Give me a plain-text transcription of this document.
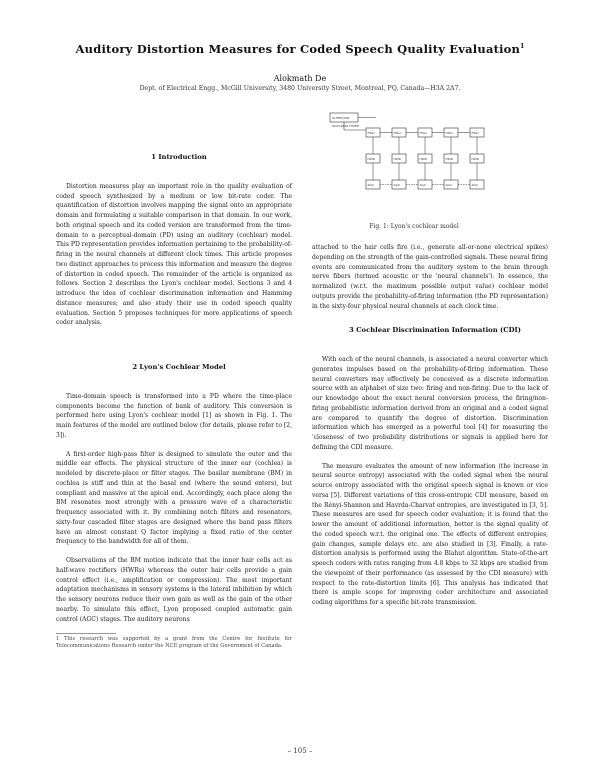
Auditory Distortion Measures for Coded Speech Quality Evaluation$^1$
Alokmath De
Dept. of Electrical Engg., McGill University, 3480 University Street, Montreal, PQ, Canada—H3A 2A7.

1 Introduction

Distortion measures play an important role in the quality evaluation of coded speech synthesized by a medium or low bit-rate coder. The quantification of distortion involves mapping the signal onto an appropriate domain and formulating a suitable comparison in that domain. In our work, both original speech and its coded version are transformed from the time-domain to a perceptual-domain (PD) using an auditory (cochlear) model. This PD representation provides information pertaining to the probability-of-firing in the neural channels at different clock times. This article proposes two distinct approaches to process this information and measure the degree of distortion in coded speech. The remainder of the article is organized as follows. Section 2 describes the Lyon's cochlear model. Sections 3 and 4 introduce the idea of cochlear discrimination information and Hamming distance measures; and also study their use in coded speech quality evaluation. Section 5 proposes techniques for more applications of speech coder analysis.

2 Lyon's Cochlear Model

Time-domain speech is transformed into a PD where the time-place components become the function of bank of auditory. This conversion is performed here using Lyon's cochlear model [1] as shown in Fig. 1. The main features of the model are outlined below (for details, please refer to [2, 3]).

A first-order high-pass filter is designed to simulate the outer and the middle ear effects. The physical structure of the inner ear (cochlea) is modeled by discrete-place or filter stages. The basilar membrane (BM) in cochlea is stiff and thin at the basal end (where the sound enters), but compliant and massive at the apical end. Accordingly, each place along the BM resonates most strongly with a pressure wave of a characteristic frequency associated with it. By combining notch filters and resonators, sixty-four cascaded filter stages are designed where the band pass filters have an almost constant Q factor implying a fixed ratio of the center frequency to the bandwidth for all of them.

Observations of the BM motion indicate that the inner hair cells act as half-wave rectifiers (HWRs) whereas the outer hair cells provide a gain control effect (i.e., amplification or compression). The most important adaptation mechanisms in sensory systems is the lateral inhibition by which the sensory neurons reduce their own gain as well as the gain of the other nearby. To simulate this effect, Lyon proposed coupled automatic gain control (AGC) stages. The auditory neurons

1 This research was supported by a grant from the Centre for Institute for Telecommunications Research under the NCE program of the Government of Canada.
OUTER EAR
HIGH-PASS FILTER
Filter
HWR
AGC
Filter
HWR
AGC
Filter
HWR
AGC
Filter
HWR
AGC
Filter
HWR
AGC
Fig. 1: Lyon's cochlear model

attached to the hair cells fire (i.e., generate all-or-none electrical spikes) depending on the strength of the gain-controlled signals. These neural firing events are communicated from the auditory system to the brain through nerve fibers (termed acoustic or the 'neural channels'). In essence, the normalized (w.r.t. the maximum possible output value) cochlear model outputs provide the probability-of-firing information (the PD representation) in the sixty-four physical neural channels at each clock time.

3 Cochlear Discrimination Information (CDI)

With each of the neural channels, is associated a neural converter which generates impulses based on the probability-of-firing information. These neural converters may effectively be conceived as a discrete information source with an alphabet of size two: firing and non-firing. Due to the lack of our knowledge about the exact neural conversion process, the firing/non-firing probabilistic information derived from an original and a coded signal are compared to quantify the degree of distortion. Discrimination information which has emerged as a powerful tool [4] for measuring the 'closeness' of two probability distributions or signals is applied here for defining the CDI measure.

The measure evaluates the amount of new information (the increase in neural source entropy) associated with the coded signal when the neural source entropy associated with the original speech signal is known or vice versa [5]. Different variations of this cross-entropic CDI measure, based on the Rényi-Shannon and Havrda-Charvat entropies, are investigated in [3, 5]. These measures are used for speech coder evaluation; it is found that the lower the amount of additional information, better is the signal quality of the coded speech w.r.t. the original one. The effects of different entropies, gain changes, sample delays etc. are also studied in [3]. Finally, a rate-distortion analysis is performed using the Blahut algorithm. State-of-the-art speech coders with rates ranging from 4.8 kbps to 32 kbps are studied from the viewpoint of their performance (as assessed by the CDI measure) with respect to the rate-distortion limits [6]. This analysis has indicated that there is ample scope for improving coder architecture and associated coding algorithms for a specific bit-rate transmission.

– 105 –
